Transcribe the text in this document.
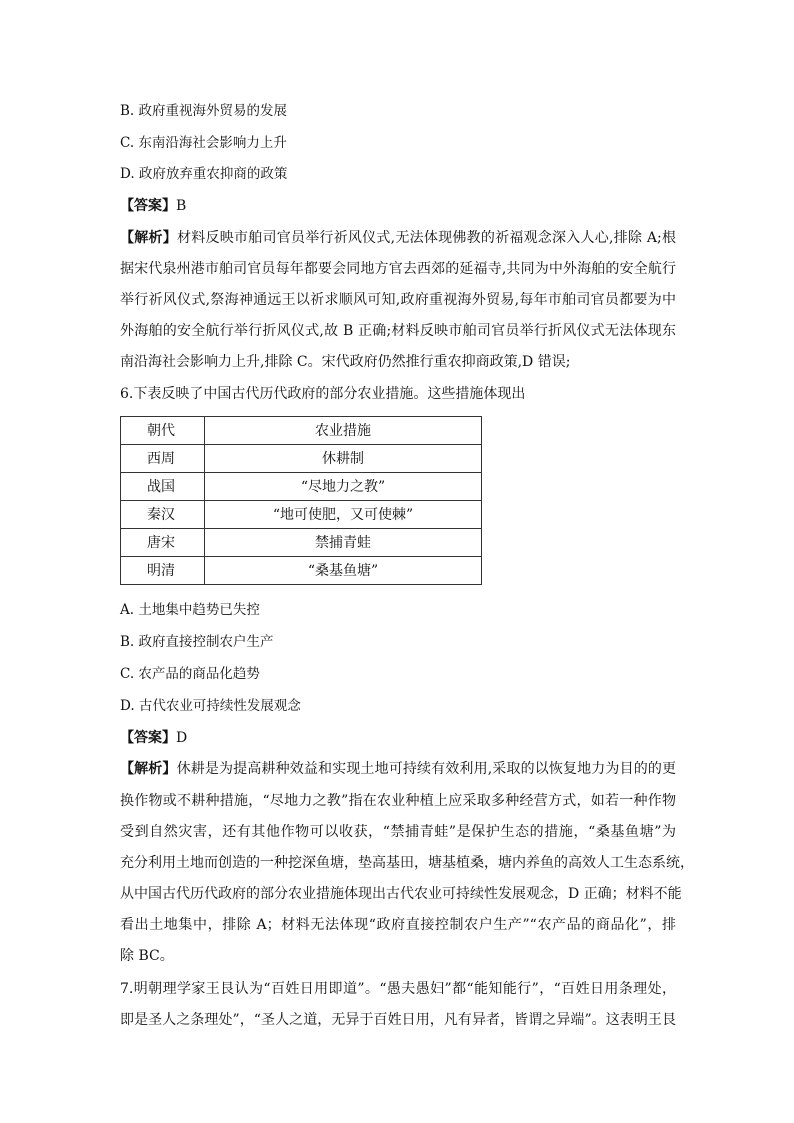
B. 政府重视海外贸易的发展
C. 东南沿海社会影响力上升
D. 政府放弃重农抑商的政策
【答案】B
【解析】材料反映市舶司官员举行祈风仪式,无法体现佛教的祈福观念深入人心,排除 A;根
据宋代泉州港市舶司官员每年都要会同地方官去西郊的延福寺,共同为中外海舶的安全航行
举行祈风仪式,祭海神通远王以祈求顺风可知,政府重视海外贸易,每年市舶司官员都要为中
外海舶的安全航行举行折风仪式,故 B 正确;材料反映市舶司官员举行折风仪式无法体现东
南沿海社会影响力上升,排除 C。宋代政府仍然推行重农抑商政策,D 错误;
6.下表反映了中国古代历代政府的部分农业措施。这些措施体现出
朝代	农业措施
西周	休耕制
战国	“尽地力之教”
秦汉	“地可使肥，又可使棘”
唐宋	禁捕青蛙
明清	“桑基鱼塘”
A. 土地集中趋势已失控
B. 政府直接控制农户生产
C. 农产品的商品化趋势
D. 古代农业可持续性发展观念
【答案】D
【解析】休耕是为提高耕种效益和实现土地可持续有效利用,采取的以恢复地力为目的的更
换作物或不耕种措施，“尽地力之教”指在农业种植上应采取多种经营方式，如若一种作物
受到自然灾害，还有其他作物可以收获，“禁捕青蛙”是保护生态的措施，“桑基鱼塘”为
充分利用土地而创造的一种挖深鱼塘，垫高基田，塘基植桑，塘内养鱼的高效人工生态系统，
从中国古代历代政府的部分农业措施体现出古代农业可持续性发展观念，D 正确；材料不能
看出土地集中，排除 A；材料无法体现“政府直接控制农户生产”“农产品的商品化”，排
除 BC。
7.明朝理学家王艮认为“百姓日用即道”。“愚夫愚妇”都“能知能行”，“百姓日用条理处，
即是圣人之条理处”，“圣人之道，无异于百姓日用，凡有异者，皆谓之异端”。这表明王艮
